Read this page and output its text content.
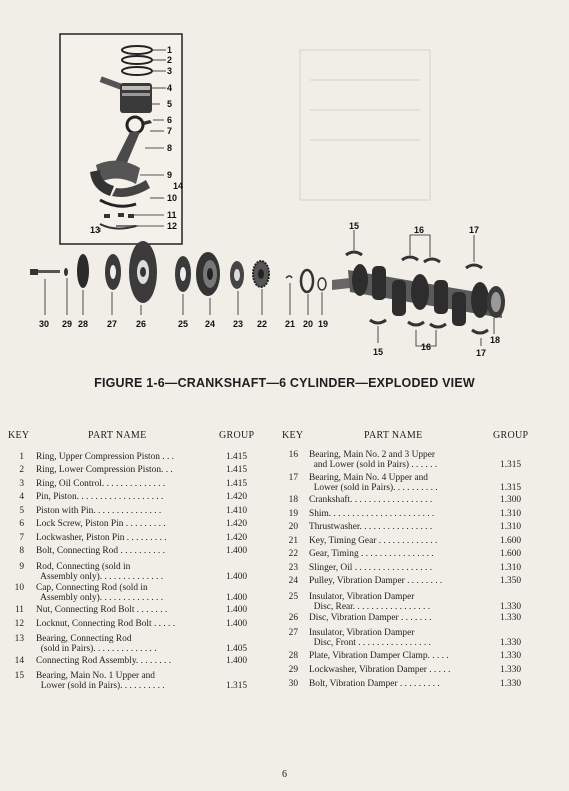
1
2
3
4
5
6
7
8
9
14
10
11
12
13
30 29 28 27 26	25 24 23 22 21 20 19
15	16	17
15	16
17
18
FIGURE 1-6—CRANKSHAFT—6 CYLINDER—EXPLODED VIEW
KEY	PART NAME	GROUP	KEY	PART NAME	GROUP
1 Ring, Upper Compression Piston . . .	1.415
2 Ring, Lower Compression Piston. . .	1.415
3 Ring, Oil Control. . . . . . . . . . . . . .	1.415
4 Pin, Piston. . . . . . . . . . . . . . . . . . .	1.420
5 Piston with Pin. . . . . . . . . . . . . . .	1.410
6 Lock Screw, Piston Pin . . . . . . . . .	1.420
7 Lockwasher, Piston Pin . . . . . . . . .	1.420
8 Bolt, Connecting Rod . . . . . . . . . .	1.400
9 Rod, Connecting (sold in
Assembly only). . . . . . . . . . . . . .	1.400
10 Cap, Connecting Rod (sold in
Assembly only). . . . . . . . . . . . . .	1.400
11 Nut, Connecting Rod Bolt . . . . . . .	1.400
12 Locknut, Connecting Rod Bolt . . . . .	1.400
13 Bearing, Connecting Rod
(sold in Pairs). . . . . . . . . . . . . .	1.405
14 Connecting Rod Assembly. . . . . . . .	1.400
15 Bearing, Main No. 1 Upper and
Lower (sold in Pairs). . . . . . . . . .	1.315
16 Bearing, Main No. 2 and 3 Upper
and Lower (sold in Pairs) . . . . . .	1.315
17 Bearing, Main No. 4 Upper and
Lower (sold in Pairs). . . . . . . . . .	1.315
18 Crankshaft. . . . . . . . . . . . . . . . . .	1.300
19 Shim. . . . . . . . . . . . . . . . . . . . . . .	1.310
20 Thrustwasher. . . . . . . . . . . . . . . .	1.310
21 Key, Timing Gear . . . . . . . . . . . . .	1.600
22 Gear, Timing . . . . . . . . . . . . . . . .	1.600
23 Slinger, Oil . . . . . . . . . . . . . . . . .	1.310
24 Pulley, Vibration Damper . . . . . . . .	1.350
25 Insulator, Vibration Damper
Disc, Rear. . . . . . . . . . . . . . . . .	1.330
26 Disc, Vibration Damper . . . . . . .	1.330
27 Insulator, Vibration Damper
Disc, Front . . . . . . . . . . . . . . . .	1.330
28 Plate, Vibration Damper Clamp. . . . .	1.330
29 Lockwasher, Vibration Damper . . . . .	1.330
30 Bolt, Vibration Damper . . . . . . . . .	1.330
6
